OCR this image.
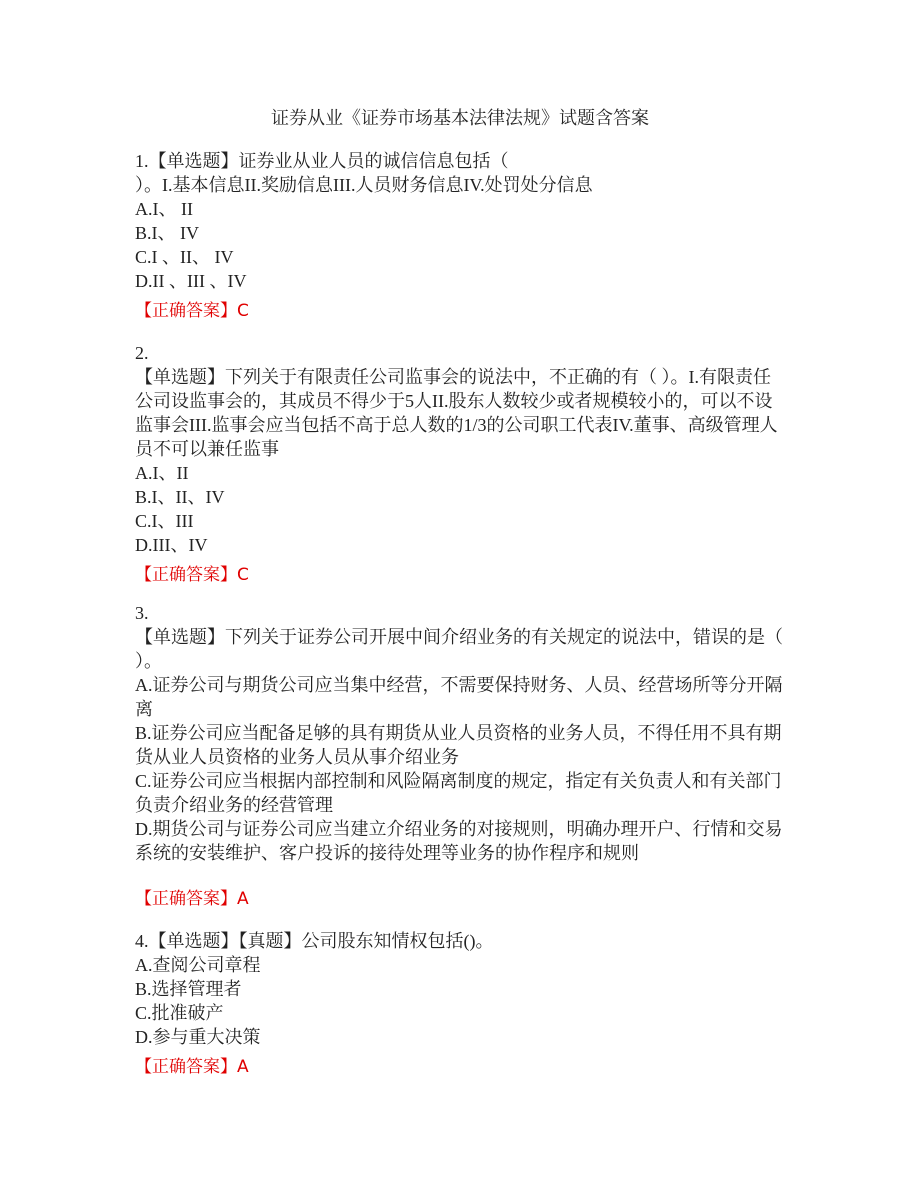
证券从业《证券市场基本法律法规》试题含答案
1.【单选题】证券业从业人员的诚信信息包括（
）。I.基本信息II.奖励信息III.人员财务信息IV.处罚处分信息
A.I、 II
B.I、 IV
C.I 、II、 IV
D.II 、III 、IV
【正确答案】C
2.
【单选题】下列关于有限责任公司监事会的说法中，不正确的有（ ）。I.有限责任
公司设监事会的，其成员不得少于5人II.股东人数较少或者规模较小的，可以不设
监事会III.监事会应当包括不高于总人数的1/3的公司职工代表IV.董事、高级管理人
员不可以兼任监事
A.I、II
B.I、II、IV
C.I、III
D.III、IV
【正确答案】C
3.
【单选题】下列关于证券公司开展中间介绍业务的有关规定的说法中，错误的是（
）。
A.证券公司与期货公司应当集中经营，不需要保持财务、人员、经营场所等分开隔
离
B.证券公司应当配备足够的具有期货从业人员资格的业务人员，不得任用不具有期
货从业人员资格的业务人员从事介绍业务
C.证券公司应当根据内部控制和风险隔离制度的规定，指定有关负责人和有关部门
负责介绍业务的经营管理
D.期货公司与证券公司应当建立介绍业务的对接规则，明确办理开户、行情和交易
系统的安装维护、客户投诉的接待处理等业务的协作程序和规则
【正确答案】A
4.【单选题】【真题】公司股东知情权包括()。
A.查阅公司章程
B.选择管理者
C.批准破产
D.参与重大决策
【正确答案】A
